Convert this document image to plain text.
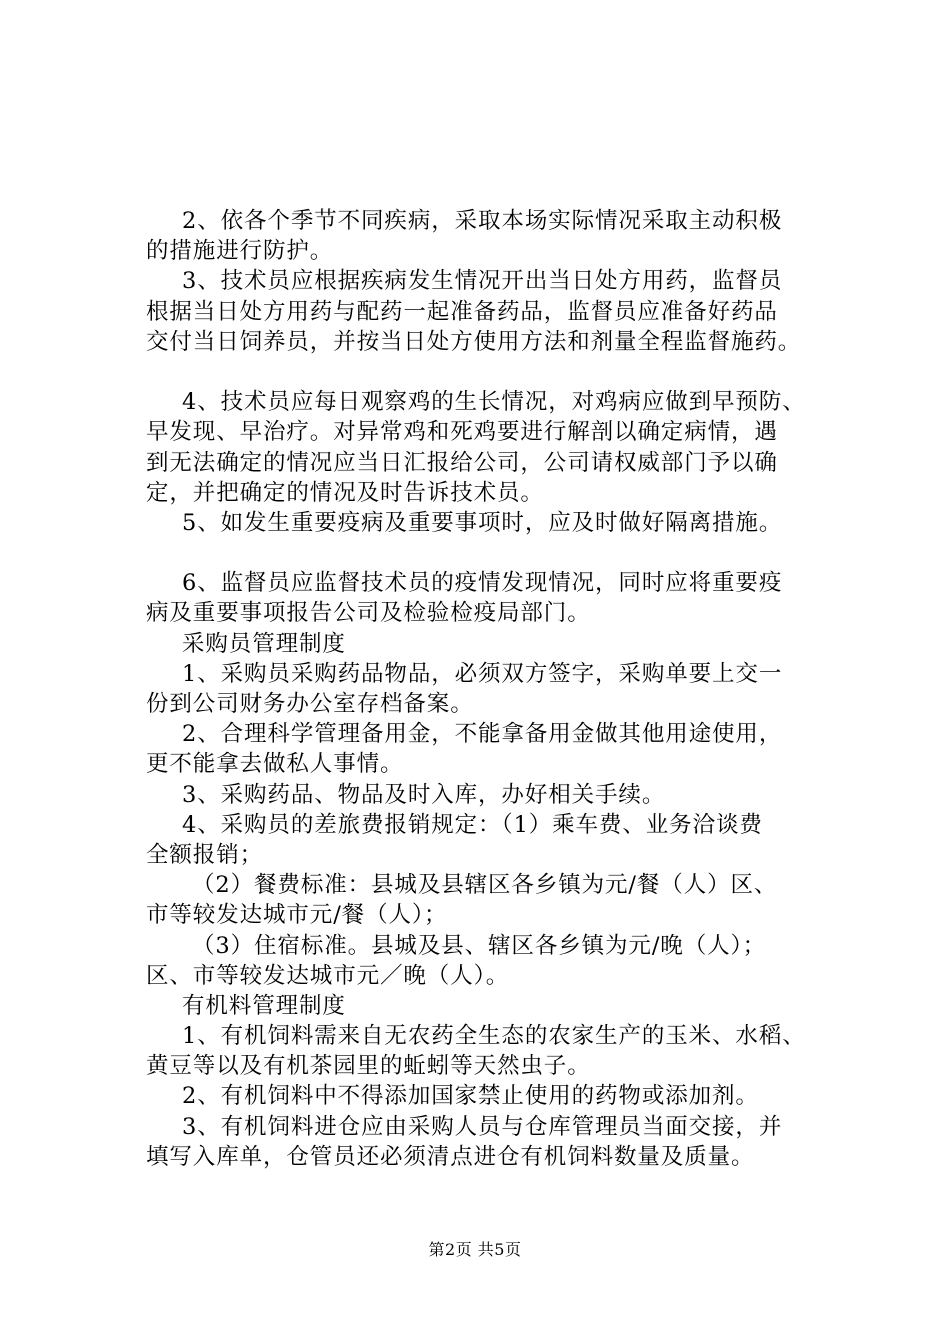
2、依各个季节不同疾病，采取本场实际情况采取主动积极
的措施进行防护。
3、技术员应根据疾病发生情况开出当日处方用药，监督员
根据当日处方用药与配药一起准备药品，监督员应准备好药品
交付当日饲养员，并按当日处方使用方法和剂量全程监督施药。
4、技术员应每日观察鸡的生长情况，对鸡病应做到早预防、
早发现、早治疗。对异常鸡和死鸡要进行解剖以确定病情，遇
到无法确定的情况应当日汇报给公司，公司请权威部门予以确
定，并把确定的情况及时告诉技术员。
5、如发生重要疫病及重要事项时，应及时做好隔离措施。
6、监督员应监督技术员的疫情发现情况，同时应将重要疫
病及重要事项报告公司及检验检疫局部门。
采购员管理制度
1、采购员采购药品物品，必须双方签字，采购单要上交一
份到公司财务办公室存档备案。
2、合理科学管理备用金，不能拿备用金做其他用途使用，
更不能拿去做私人事情。
3、采购药品、物品及时入库，办好相关手续。
4、采购员的差旅费报销规定：（1）乘车费、业务洽谈费
全额报销；
（2）餐费标准：县城及县辖区各乡镇为元/餐（人）区、
市等较发达城市元/餐（人）；
（3）住宿标准。县城及县、辖区各乡镇为元/晚（人）；
区、市等较发达城市元／晚（人）。
有机料管理制度
1、有机饲料需来自无农药全生态的农家生产的玉米、水稻、
黄豆等以及有机茶园里的蚯蚓等天然虫子。
2、有机饲料中不得添加国家禁止使用的药物或添加剂。
3、有机饲料进仓应由采购人员与仓库管理员当面交接，并
填写入库单，仓管员还必须清点进仓有机饲料数量及质量。
第2页 共5页
